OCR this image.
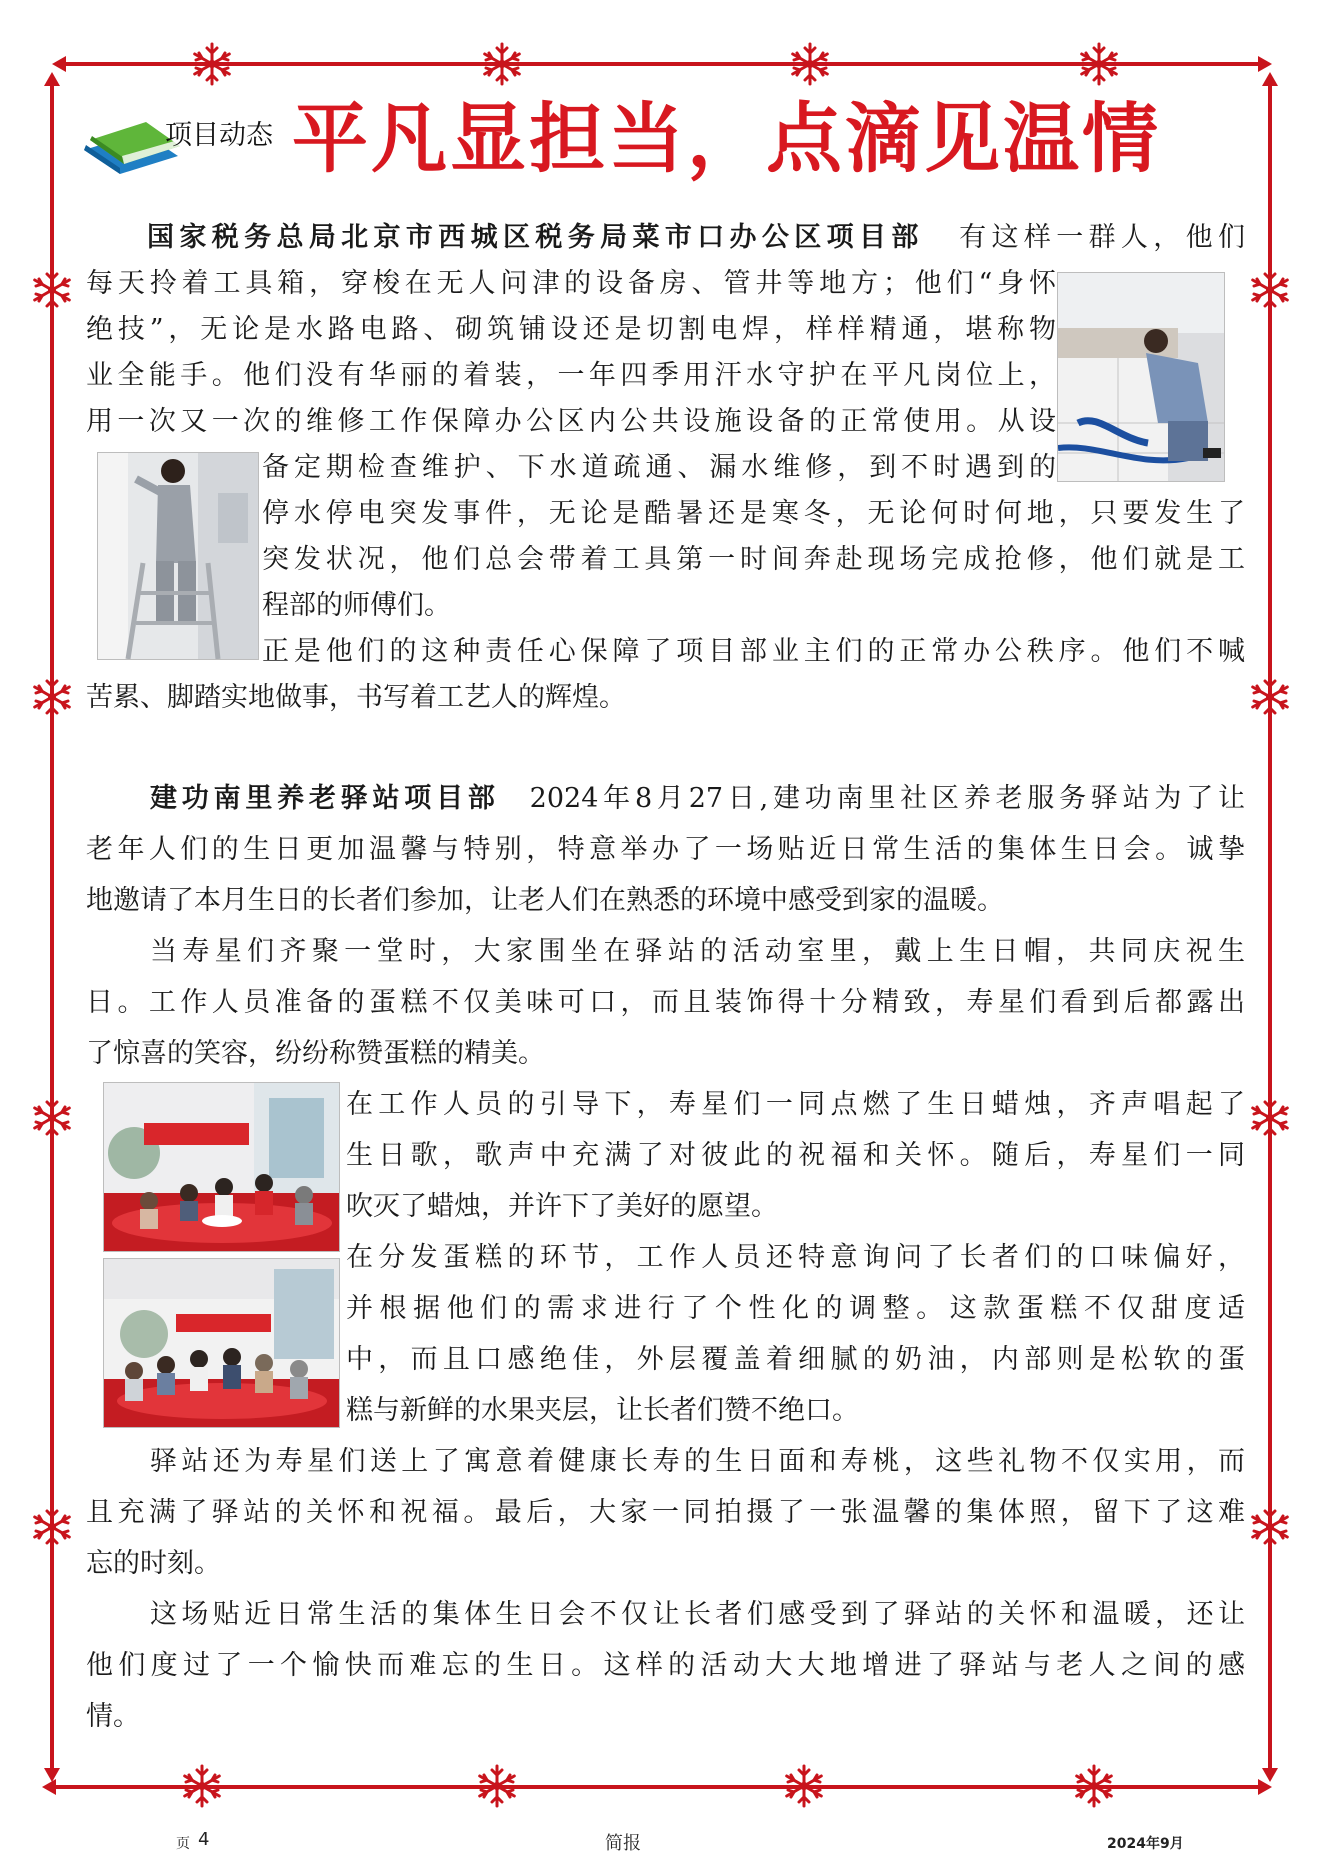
项目动态 平凡显担当，点滴见温情
国家税务总局北京市西城区税务局菜市口办公区项目部 有这样一群人，他们
每天拎着工具箱，穿梭在无人问津的设备房、管井等地方；他们“身怀
绝技”，无论是水路电路、砌筑铺设还是切割电焊，样样精通，堪称物
业全能手。他们没有华丽的着装，一年四季用汗水守护在平凡岗位上，
用一次又一次的维修工作保障办公区内公共设施设备的正常使用。从设
备定期检查维护、下水道疏通、漏水维修，到不时遇到的
停水停电突发事件，无论是酷暑还是寒冬，无论何时何地，只要发生了
突发状况，他们总会带着工具第一时间奔赴现场完成抢修，他们就是工
程部的师傅们。
正是他们的这种责任心保障了项目部业主们的正常办公秩序。他们不喊
苦累、脚踏实地做事，书写着工艺人的辉煌。
建功南里养老驿站项目部 2024年8月27日,建功南里社区养老服务驿站为了让
老年人们的生日更加温馨与特别，特意举办了一场贴近日常生活的集体生日会。诚挚
地邀请了本月生日的长者们参加，让老人们在熟悉的环境中感受到家的温暖。
当寿星们齐聚一堂时，大家围坐在驿站的活动室里，戴上生日帽，共同庆祝生
日。工作人员准备的蛋糕不仅美味可口，而且装饰得十分精致，寿星们看到后都露出
了惊喜的笑容，纷纷称赞蛋糕的精美。
在工作人员的引导下，寿星们一同点燃了生日蜡烛，齐声唱起了
生日歌，歌声中充满了对彼此的祝福和关怀。随后，寿星们一同
吹灭了蜡烛，并许下了美好的愿望。
在分发蛋糕的环节，工作人员还特意询问了长者们的口味偏好，
并根据他们的需求进行了个性化的调整。这款蛋糕不仅甜度适
中，而且口感绝佳，外层覆盖着细腻的奶油，内部则是松软的蛋
糕与新鲜的水果夹层，让长者们赞不绝口。
驿站还为寿星们送上了寓意着健康长寿的生日面和寿桃，这些礼物不仅实用，而
且充满了驿站的关怀和祝福。最后，大家一同拍摄了一张温馨的集体照，留下了这难
忘的时刻。
这场贴近日常生活的集体生日会不仅让长者们感受到了驿站的关怀和温暖，还让
他们度过了一个愉快而难忘的生日。这样的活动大大地增进了驿站与老人之间的感
情。
页 4	简报	2024年9月
